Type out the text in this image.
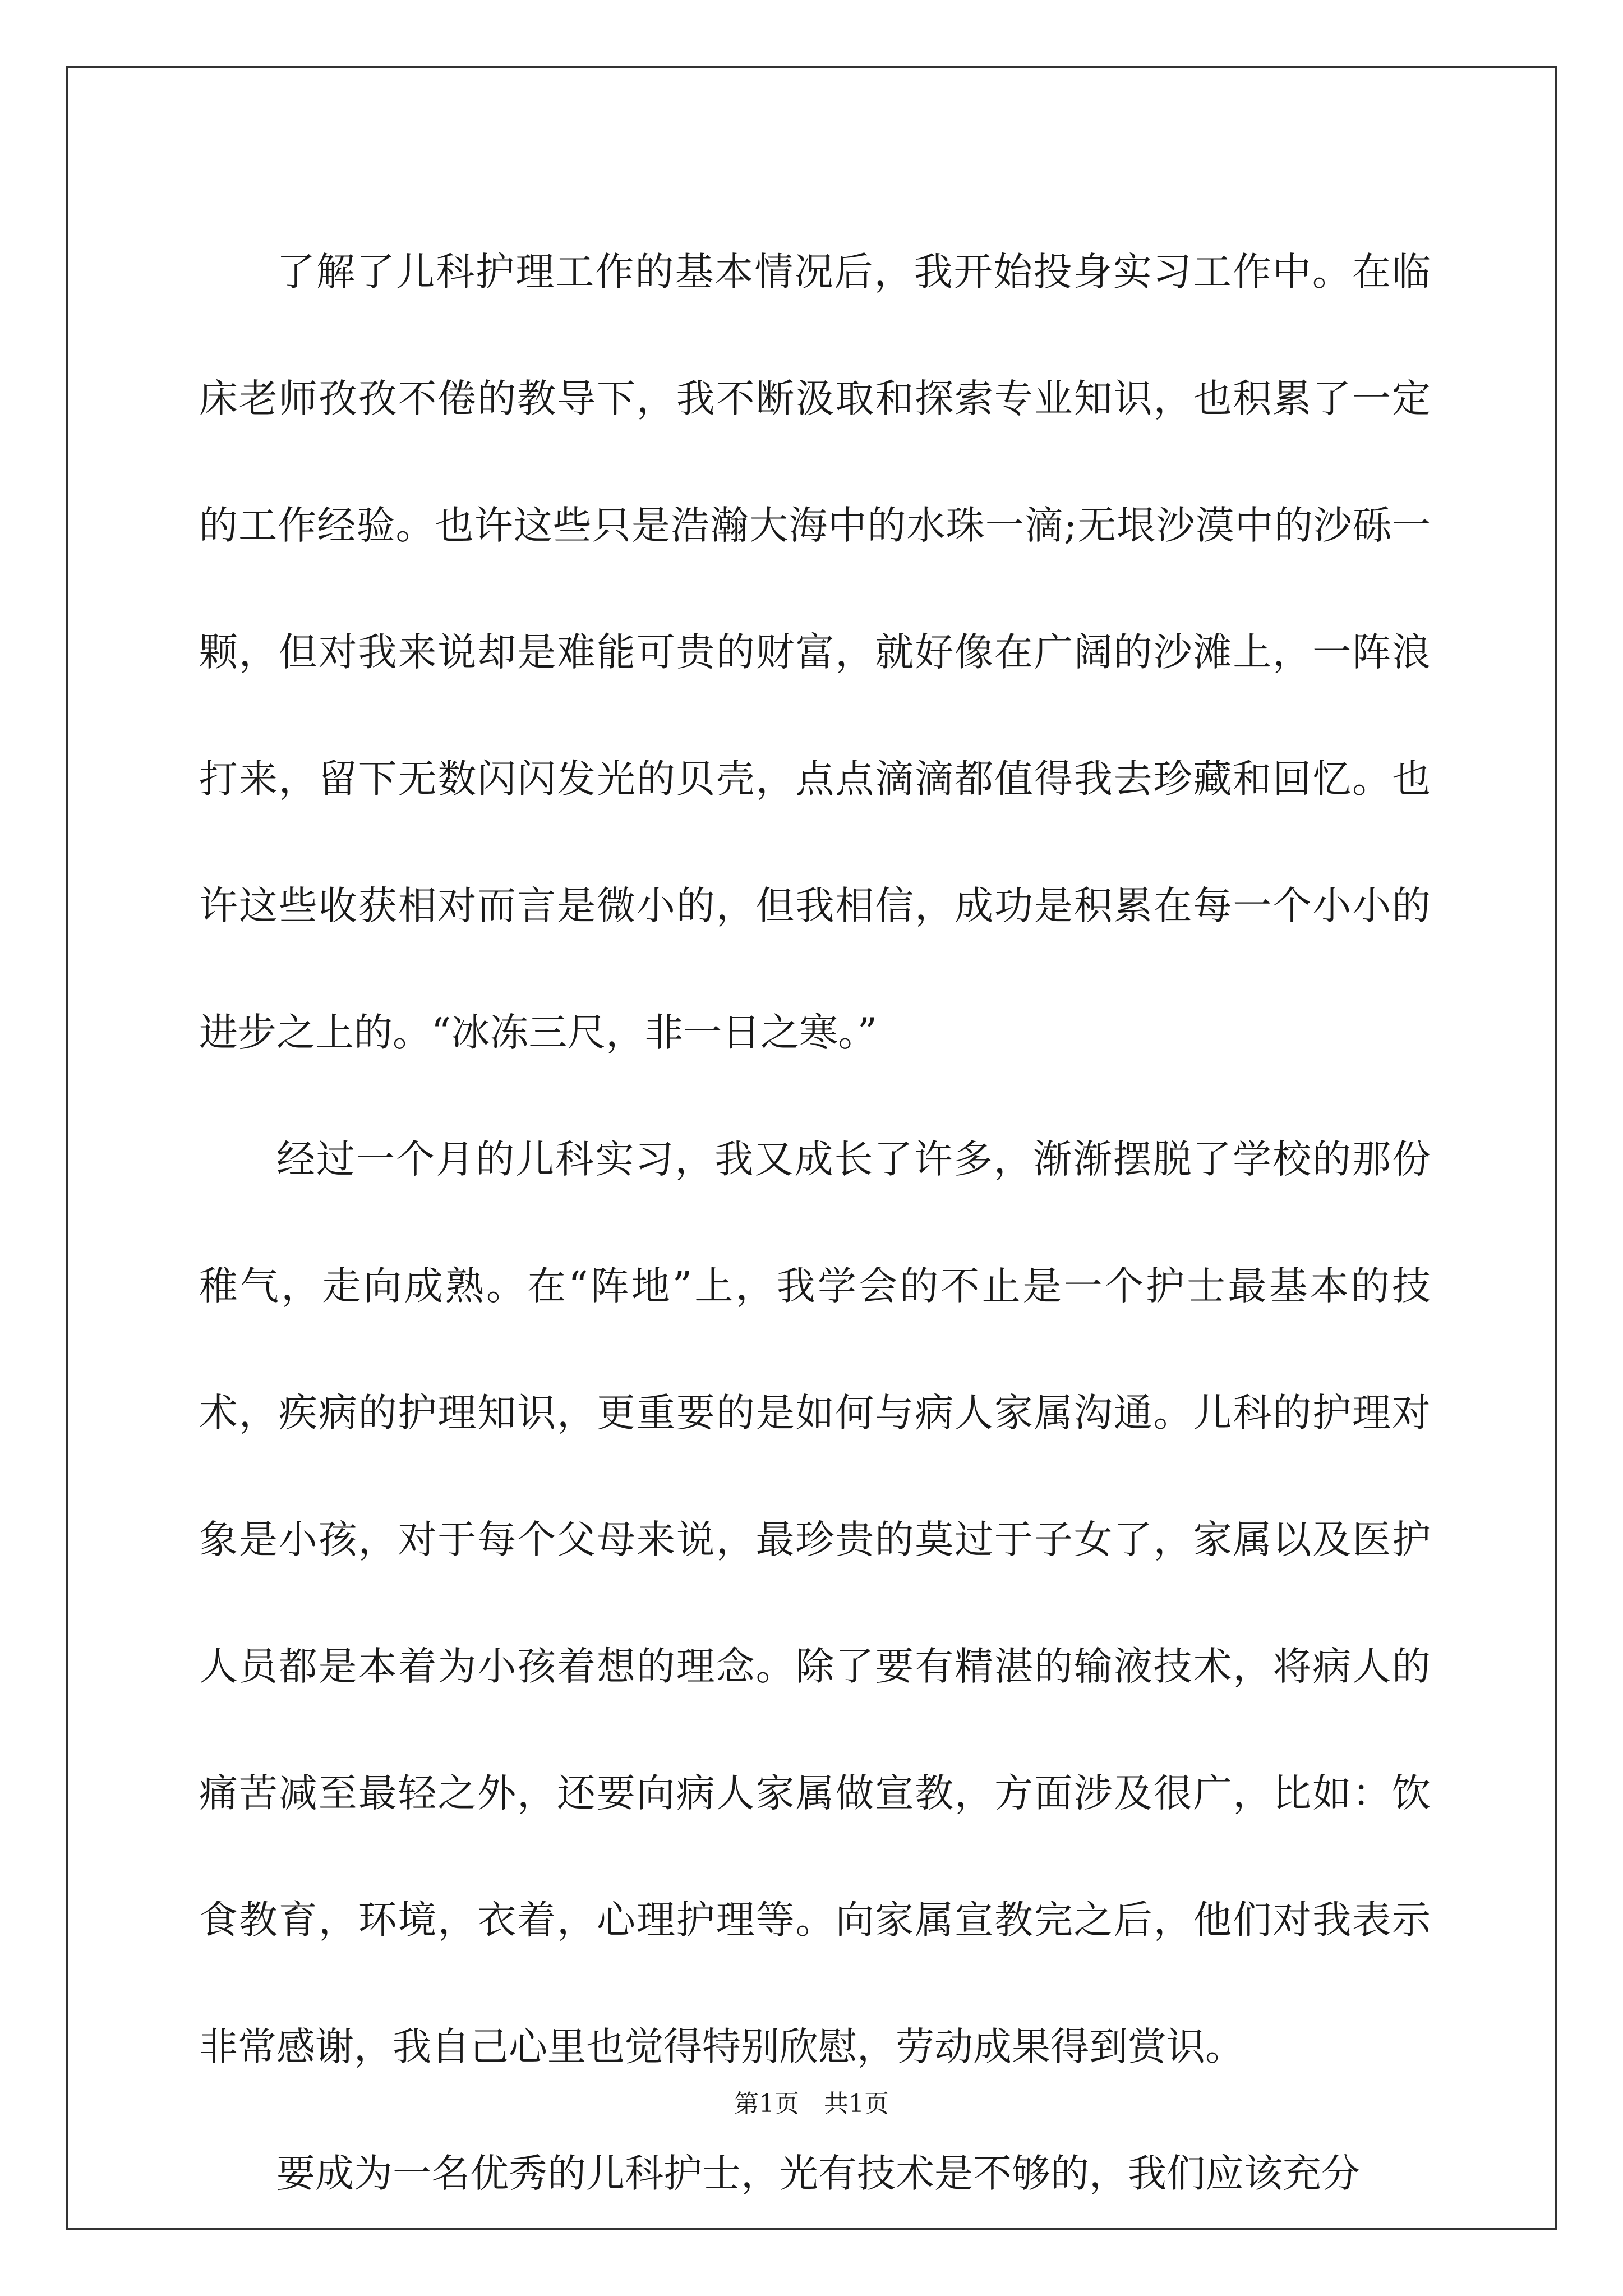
了解了儿科护理工作的基本情况后，我开始投身实习工作中。在临床老师孜孜不倦的教导下，我不断汲取和探索专业知识，也积累了一定的工作经验。也许这些只是浩瀚大海中的水珠一滴;无垠沙漠中的沙砾一颗，但对我来说却是难能可贵的财富，就好像在广阔的沙滩上，一阵浪打来，留下无数闪闪发光的贝壳，点点滴滴都值得我去珍藏和回忆。也许这些收获相对而言是微小的，但我相信，成功是积累在每一个小小的进步之上的。“冰冻三尺，非一日之寒。”

经过一个月的儿科实习，我又成长了许多，渐渐摆脱了学校的那份稚气，走向成熟。在“阵地”上，我学会的不止是一个护士最基本的技术，疾病的护理知识，更重要的是如何与病人家属沟通。儿科的护理对象是小孩，对于每个父母来说，最珍贵的莫过于子女了，家属以及医护人员都是本着为小孩着想的理念。除了要有精湛的输液技术，将病人的痛苦减至最轻之外，还要向病人家属做宣教，方面涉及很广，比如：饮食教育，环境，衣着，心理护理等。向家属宣教完之后，他们对我表示非常感谢，我自己心里也觉得特别欣慰，劳动成果得到赏识。

要成为一名优秀的儿科护士，光有技术是不够的，我们应该充分

第1页　共1页
